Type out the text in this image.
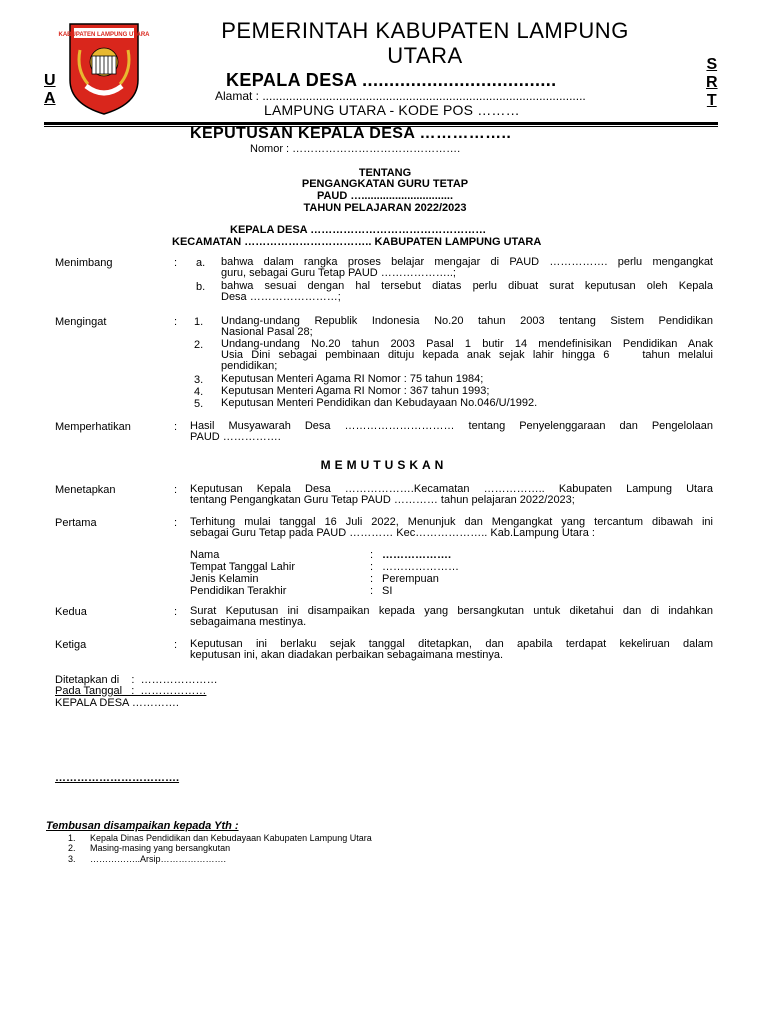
KABUPATEN LAMPUNG UTARA
U
A
S
R
T
PEMERINTAH KABUPATEN LAMPUNG
UTARA
KEPALA DESA ....................................
Alamat : .................................................................................................
LAMPUNG UTARA - KODE POS ………
KEPUTUSAN KEPALA DESA ……………..
Nomor : ……………………………………….
TENTANG
PENGANGKATAN GURU TETAP
PAUD …..............................
TAHUN PELAJARAN 2022/2023
KEPALA DESA …………………………………………
KECAMATAN …………………………….. KABUPATEN LAMPUNG UTARA
Menimbang	: a. bahwa dalam rangka proses belajar mengajar di PAUD ……………. perlu mengangkat
guru, sebagai Guru Tetap PAUD ………………..;
b. bahwa sesuai dengan hal tersebut diatas perlu dibuat surat keputusan oleh Kepala
Desa ……………………;
Mengingat	: 1. Undang-undang Republik Indonesia No.20 tahun 2003 tentang Sistem Pendidikan
Nasional Pasal 28;
2. Undang-undang No.20 tahun 2003 Pasal 1 butir 14 mendefinisikan Pendidikan Anak
Usia Dini sebagai pembinaan dituju kepada anak sejak lahir hingga 6    tahun melalui
pendidikan;
3. Keputusan Menteri Agama RI Nomor : 75 tahun 1984;
4. Keputusan Menteri Agama RI Nomor : 367 tahun 1993;
5. Keputusan Menteri Pendidikan dan Kebudayaan No.046/U/1992.
Memperhatikan	: Hasil Musyawarah Desa ………………………… tentang Penyelenggaraan dan Pengelolaan
PAUD …………….
MEMUTUSKAN
Menetapkan	: Keputusan Kepala Desa ……………….Kecamatan …………….. Kabupaten Lampung Utara
tentang Pengangkatan Guru Tetap PAUD ………… tahun pelajaran 2022/2023;
Pertama	: Terhitung mulai tanggal 16 Juli 2022, Menunjuk dan Mengangkat yang tercantum dibawah ini
sebagai Guru Tetap pada PAUD ………… Kec……………….. Kab.Lampung Utara :
Nama	: ……………….
Tempat Tanggal Lahir	: …………………
Jenis Kelamin	: Perempuan
Pendidikan Terakhir	: SI
Kedua	: Surat Keputusan ini disampaikan kepada yang bersangkutan untuk diketahui dan di indahkan
sebagaimana mestinya.
Ketiga	: Keputusan ini berlaku sejak tanggal ditetapkan, dan apabila terdapat kekeliruan dalam
keputusan ini, akan diadakan perbaikan sebagaimana mestinya.
Ditetapkan di    :  …………………
Pada Tanggal   :  ………………
KEPALA DESA ………….
…………………………….
Tembusan disampaikan kepada Yth :
1. Kepala Dinas Pendidikan dan Kebudayaan Kabupaten Lampung Utara
2. Masing-masing yang bersangkutan
3. ……………..Arsip………………….
